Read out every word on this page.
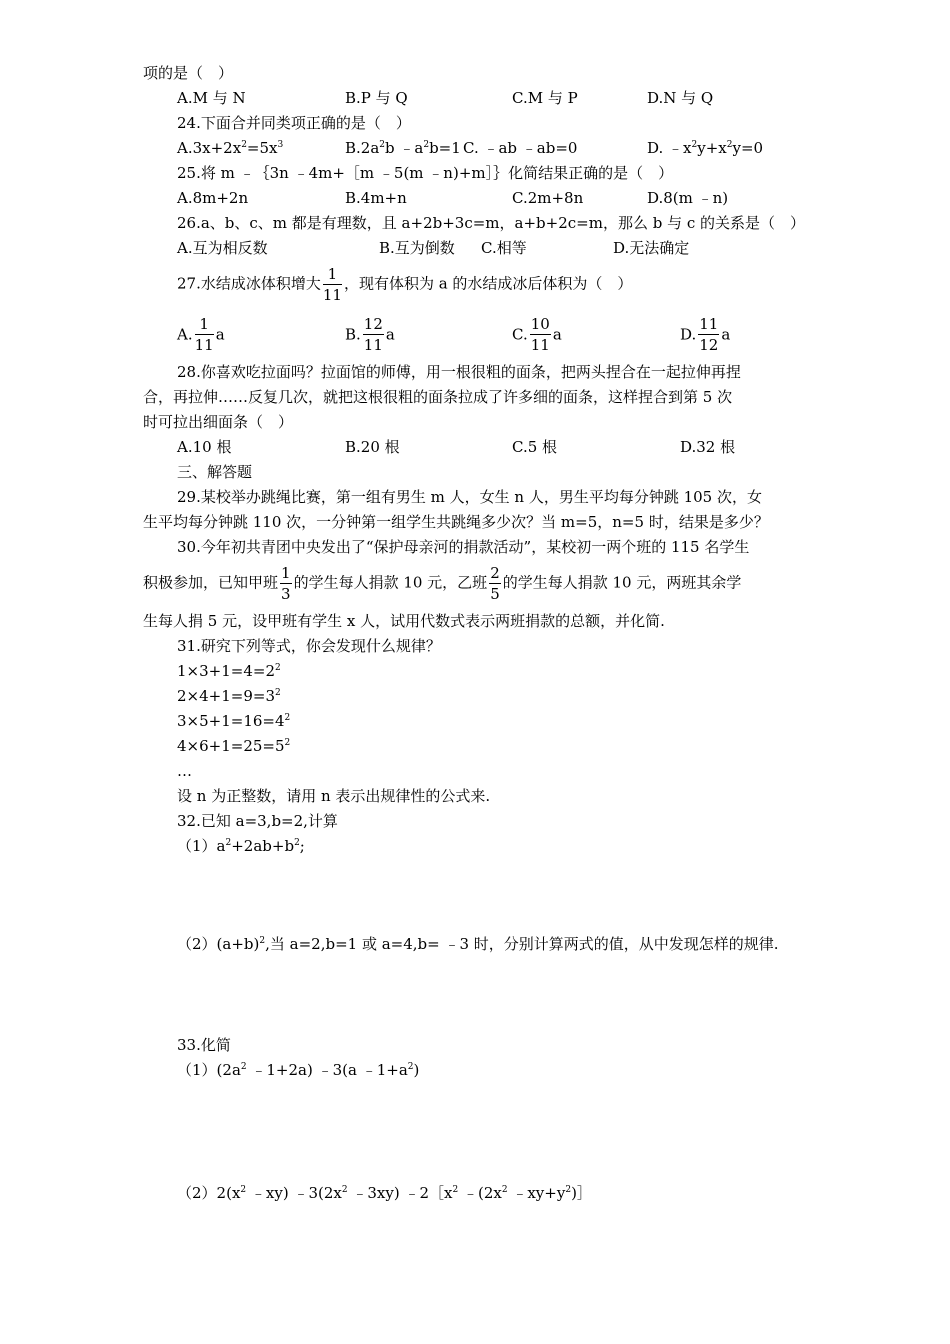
项的是（　）
A.M 与 N	B.P 与 Q	C.M 与 P	D.N 与 Q
24.下面合并同类项正确的是（　）
$A.3x+2x^2=5x^3$	$B.2a^2b$ $﹣a^2b=1$ C. ﹣ab ﹣ab=0	D. $﹣x^2y+x^2y=0$
25.将 m ﹣｛3n ﹣4m+［m ﹣5(m ﹣n)+m］｝化简结果正确的是（　）
A.8m+2n	B.4m+n	C.2m+8n	D.8(m ﹣n)
26.a、b、c、m 都是有理数，且 a+2b+3c=m，a+b+2c=m，那么 b 与 c 的关系是（　）
A.互为相反数	B.互为倒数 C.相等	D.无法确定
27.水结成冰体积增大 $\frac{1}{11}$ ，现有体积为 a 的水结成冰后体积为（　）
A. $\frac{1}{11}$ a	B. $\frac{12}{11}$ a	C. $\frac{10}{11}$ a	D. $\frac{11}{12}$ a
28.你喜欢吃拉面吗？拉面馆的师傅，用一根很粗的面条，把两头捏合在一起拉伸再捏
合，再拉伸……反复几次，就把这根很粗的面条拉成了许多细的面条，这样捏合到第 5 次
时可拉出细面条（　）
A.10 根	B.20 根	C.5 根	D.32 根
三、解答题
29.某校举办跳绳比赛，第一组有男生 m 人，女生 n 人，男生平均每分钟跳 105 次，女
生平均每分钟跳 110 次，一分钟第一组学生共跳绳多少次？当 m=5，n=5 时，结果是多少？
30.今年初共青团中央发出了“保护母亲河的捐款活动”，某校初一两个班的 115 名学生
积极参加，已知甲班 $\frac{1}{3}$ 的学生每人捐款 10 元，乙班 $\frac{2}{5}$ 的学生每人捐款 10 元，两班其余学
生每人捐 5 元，设甲班有学生 x 人，试用代数式表示两班捐款的总额，并化简.
31.研究下列等式，你会发现什么规律？
$1\times 3+1=4=2^2$
$2\times 4+1=9=3^2$
$3\times 5+1=16=4^2$
$4\times 6+1=25=5^2$
…
设 n 为正整数，请用 n 表示出规律性的公式来.
32.已知 a=3,b=2,计算
$(1)a^2+2ab+b^2$;
$(2)(a+b)^2$,当 a=2,b=1 或 a=4,b= ﹣3 时，分别计算两式的值，从中发现怎样的规律.
33.化简
$(1)(2a^2$ ﹣1+2a) ﹣3(a $﹣1+a^2$)
$(2)2(x^2$ ﹣xy) $﹣3(2x^2$ ﹣3xy) $﹣2[x^2$ $﹣(2x^2$ $﹣xy+y^2)]$
